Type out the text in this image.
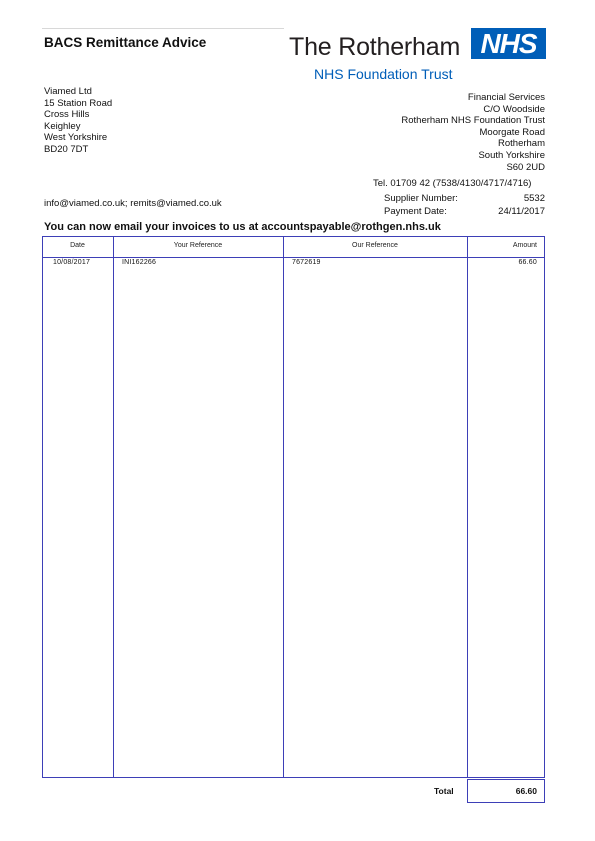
BACS Remittance Advice	The Rotherham NHS
NHS Foundation Trust
Viamed Ltd
15 Station Road
Cross Hills
Keighley
West Yorkshire
BD20 7DT
Financial Services
C/O Woodside
Rotherham NHS Foundation Trust
Moorgate Road
Rotherham
South Yorkshire
S60 2UD
Tel. 01709 42 (7538/4130/4717/4716)
Supplier Number:	5532
Payment Date:	24/11/2017
info@viamed.co.uk; remits@viamed.co.uk
You can now email your invoices to us at accountspayable@rothgen.nhs.uk
Date	Your Reference	Our Reference	Amount
10/08/2017	INI162266	7672619	66.60
Total	66.60
